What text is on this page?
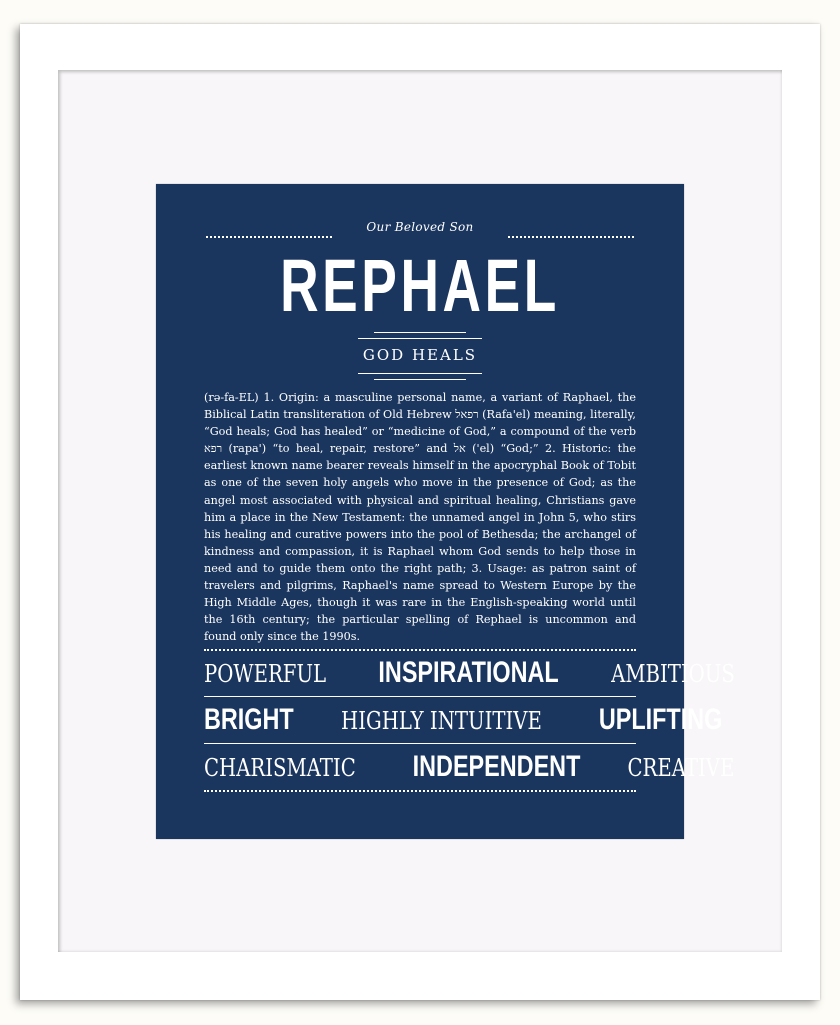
Our Beloved Son
REPHAEL
GOD HEALS

(rə-fa-EL) 1. Origin: a masculine personal name, a variant of Raphael, the Biblical Latin transliteration of Old Hebrew רפאל (Rafa'el) meaning, literally, “God heals; God has healed” or “medicine of God,” a compound of the verb רפא (rapa') “to heal, repair, restore” and אל ('el) “God;” 2. Historic: the earliest known name bearer reveals himself in the apocryphal Book of Tobit as one of the seven holy angels who move in the presence of God; as the angel most associated with physical and spiritual healing, Christians gave him a place in the New Testament: the unnamed angel in John 5, who stirs his healing and curative powers into the pool of Bethesda; the archangel of kindness and compassion, it is Raphael whom God sends to help those in need and to guide them onto the right path; 3. Usage: as patron saint of travelers and pilgrims, Raphael's name spread to Western Europe by the High Middle Ages, though it was rare in the English-speaking world until the 16th century; the particular spelling of Rephael is uncommon and found only since the 1990s.

POWERFUL INSPIRATIONAL AMBITIOUS
BRIGHT HIGHLY INTUITIVE UPLIFTING
CHARISMATIC INDEPENDENT CREATIVE
